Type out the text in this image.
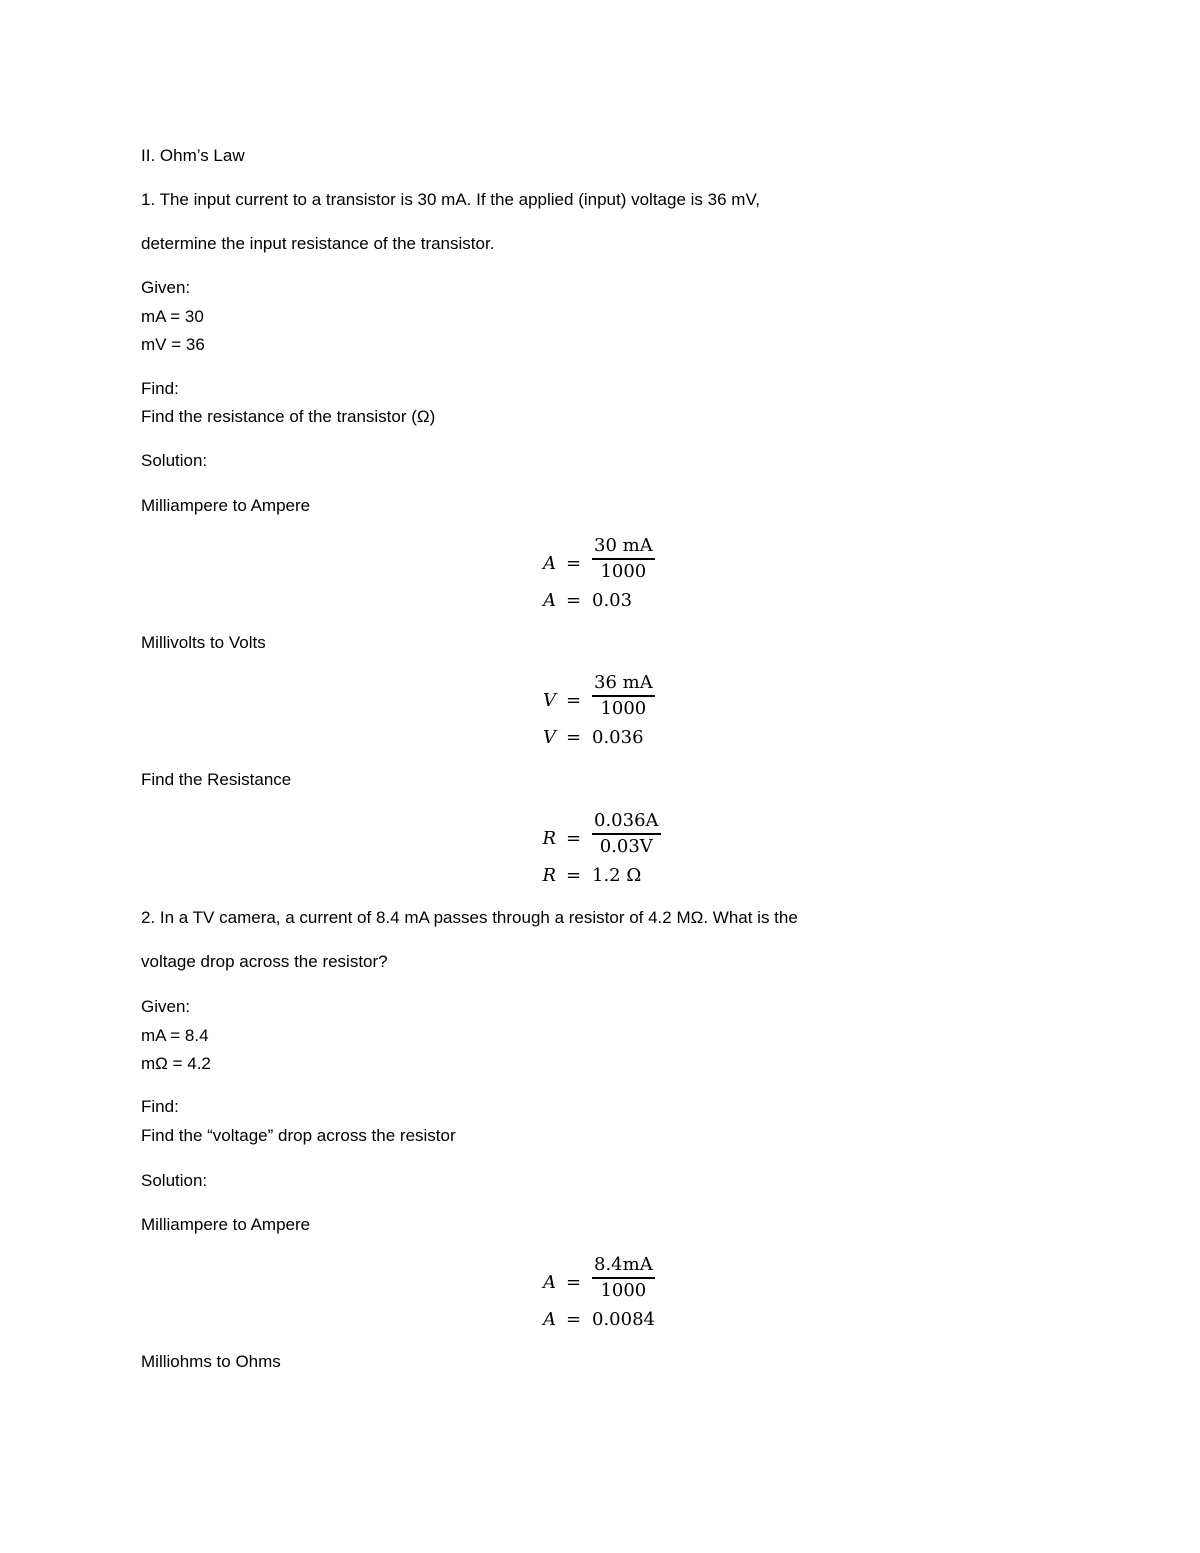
II. Ohm’s Law
1. The input current to a transistor is 30 mA. If the applied (input) voltage is 36 mV,
determine the input resistance of the transistor.
Given:
mA = 30
mV = 36
Find:
Find the resistance of the transistor (Ω)
Solution:
Milliampere to Ampere
$A = \frac{30 mA}{1000}$
A = 0.03
Millivolts to Volts
$V = \frac{36 mA}{1000}$
V = 0.036
Find the Resistance
$R = \frac{0.036A}{0.03V}$
R = 1.2 Ω
2. In a TV camera, a current of 8.4 mA passes through a resistor of 4.2 MΩ. What is the
voltage drop across the resistor?
Given:
mA = 8.4
mΩ = 4.2
Find:
Find the “voltage” drop across the resistor
Solution:
Milliampere to Ampere
$A = \frac{8.4mA}{1000}$
A = 0.0084
Milliohms to Ohms
